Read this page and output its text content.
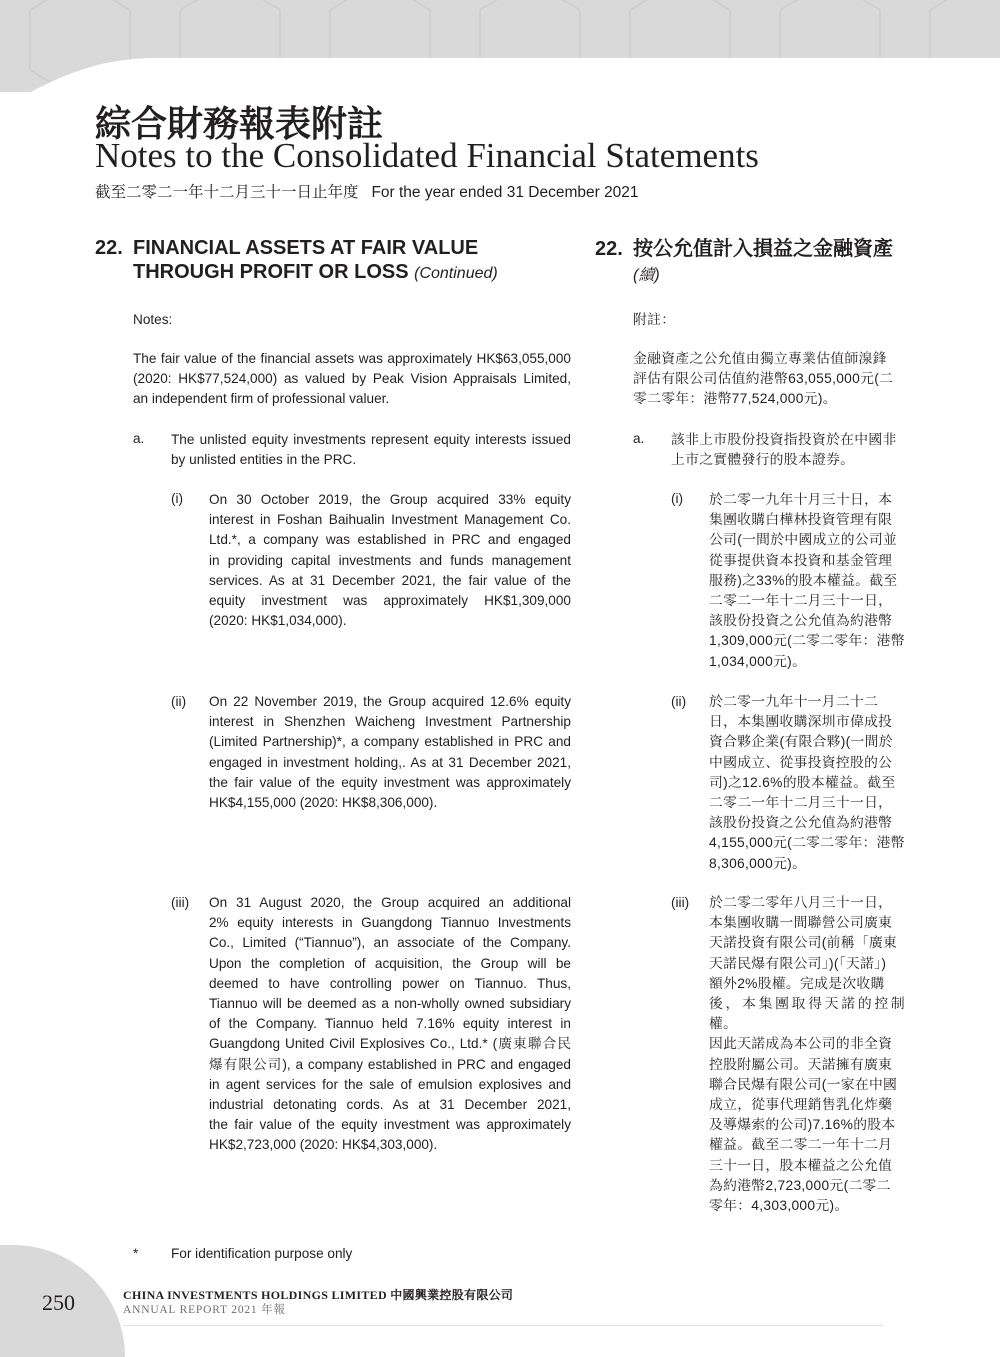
綜合財務報表附註
Notes to the Consolidated Financial Statements
截至二零二一年十二月三十一日止年度 For the year ended 31 December 2021
22. FINANCIAL ASSETS AT FAIR VALUE
THROUGH PROFIT OR LOSS (Continued)
22. 按公允值計入損益之金融資產
(續)
Notes:	附註：

The fair value of the financial assets was approximately HK$63,055,000

(2020: HK$77,524,000) as valued by Peak Vision Appraisals Limited,

an independent firm of professional valuer.

金融資產之公允值由獨立專業估值師湶鋒

評估有限公司估值約港幣63,055,000元(二

零二零年：港幣77,524,000元)。

a. The unlisted equity investments represent equity interests issued

by unlisted entities in the PRC.

a. 該非上市股份投資指投資於在中國非

上市之實體發行的股本證券。

(i) On 30 October 2019, the Group acquired 33% equity

interest in Foshan Baihualin Investment Management Co.

Ltd.*, a company was established in PRC and engaged

in providing capital investments and funds management

services. As at 31 December 2021, the fair value of the

equity investment was approximately HK$1,309,000

(2020: HK$1,034,000).

(i) 於二零一九年十月三十日，本

集團收購白樺林投資管理有限

公司(一間於中國成立的公司並

從事提供資本投資和基金管理

服務)之33%的股本權益。截至

二零二一年十二月三十一日，

該股份投資之公允值為約港幣

1,309,000元(二零二零年：港幣

1,034,000元)。

(ii) On 22 November 2019, the Group acquired 12.6% equity

interest in Shenzhen Waicheng Investment Partnership

(Limited Partnership)*, a company established in PRC and

engaged in investment holding,. As at 31 December 2021,

the fair value of the equity investment was approximately

HK$4,155,000 (2020: HK$8,306,000).

(ii) 於二零一九年十一月二十二

日，本集團收購深圳市偉成投

資合夥企業(有限合夥)(一間於

中國成立、從事投資控股的公

司)之12.6%的股本權益。截至

二零二一年十二月三十一日，

該股份投資之公允值為約港幣

4,155,000元(二零二零年：港幣

8,306,000元)。

(iii) On 31 August 2020, the Group acquired an additional

2% equity interests in Guangdong Tiannuo Investments

Co., Limited (“Tiannuo”), an associate of the Company.

Upon the completion of acquisition, the Group will be

deemed to have controlling power on Tiannuo. Thus,

Tiannuo will be deemed as a non-wholly owned subsidiary

of the Company. Tiannuo held 7.16% equity interest in

Guangdong United Civil Explosives Co., Ltd.* (廣東聯合民

爆有限公司), a company established in PRC and engaged

in agent services for the sale of emulsion explosives and

industrial detonating cords. As at 31 December 2021,

the fair value of the equity investment was approximately

HK$2,723,000 (2020: HK$4,303,000).

(iii) 於二零二零年八月三十一日，

本集團收購一間聯營公司廣東

天諾投資有限公司(前稱「廣東

天諾民爆有限公司」)(「天諾」)

額外2%股權。完成是次收購

後，本集團取得天諾的控制權。

因此天諾成為本公司的非全資

控股附屬公司。天諾擁有廣東

聯合民爆有限公司(一家在中國

成立，從事代理銷售乳化炸藥

及導爆索的公司)7.16%的股本

權益。截至二零二一年十二月

三十一日，股本權益之公允值

為約港幣2,723,000元(二零二

零年：4,303,000元)。

* For identification purpose only
250	CHINA INVESTMENTS HOLDINGS LIMITED 中國興業控股有限公司
ANNUAL REPORT 2021 年報
